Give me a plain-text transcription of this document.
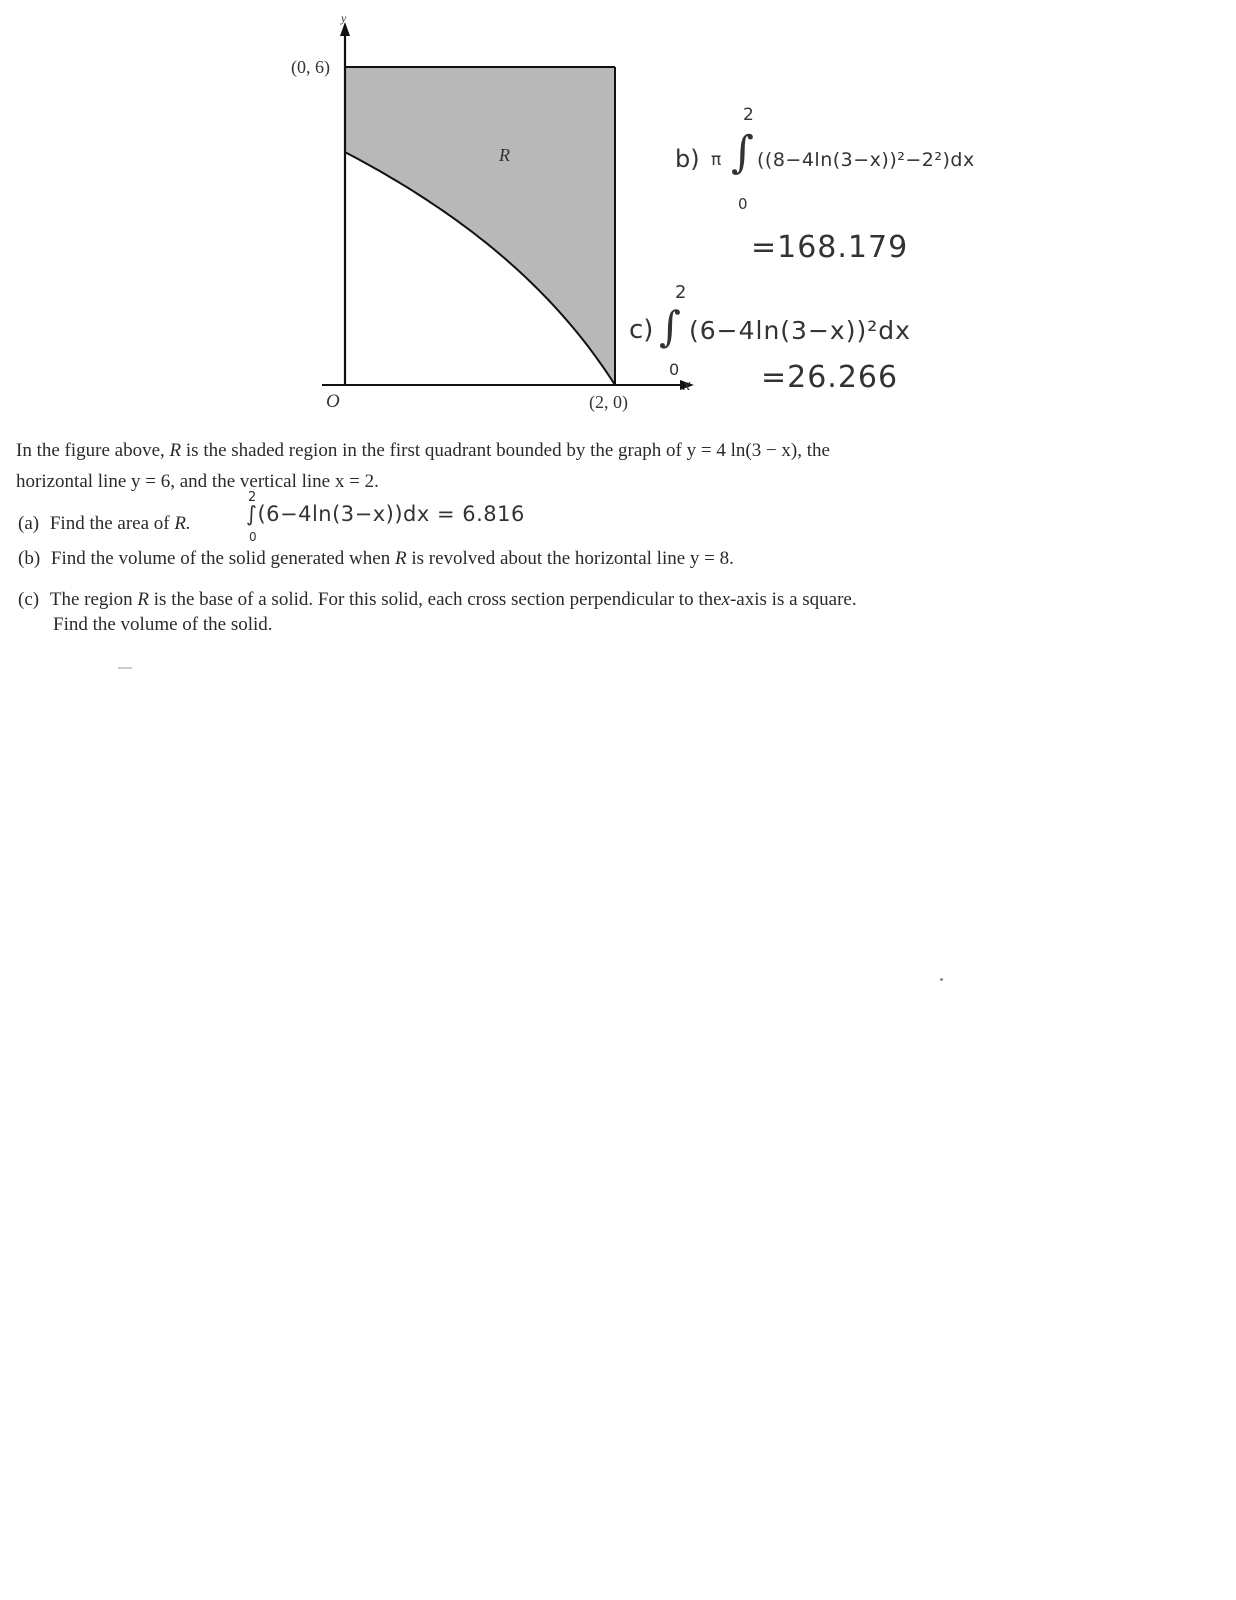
y
x
(0, 6)
O	(2, 0)
R	b) π
2
∫
0
((8−4ln(3−x))²−2²)dx
=168.179
2
c) ∫
0
(6−4ln(3−x))²dx
=26.266
In the figure above, R is the shaded region in the first quadrant bounded by the graph of y = 4 ln(3 − x), the
horizontal line y = 6, and the vertical line x = 2.
2
∫(6−4ln(3−x))dx = 6.816
0
(a) Find the area of R.
(b) Find the volume of the solid generated when R is revolved about the horizontal line y = 8.
(c) The region R is the base of a solid. For this solid, each cross section perpendicular to thex-axis is a square.
Find the volume of the solid.
